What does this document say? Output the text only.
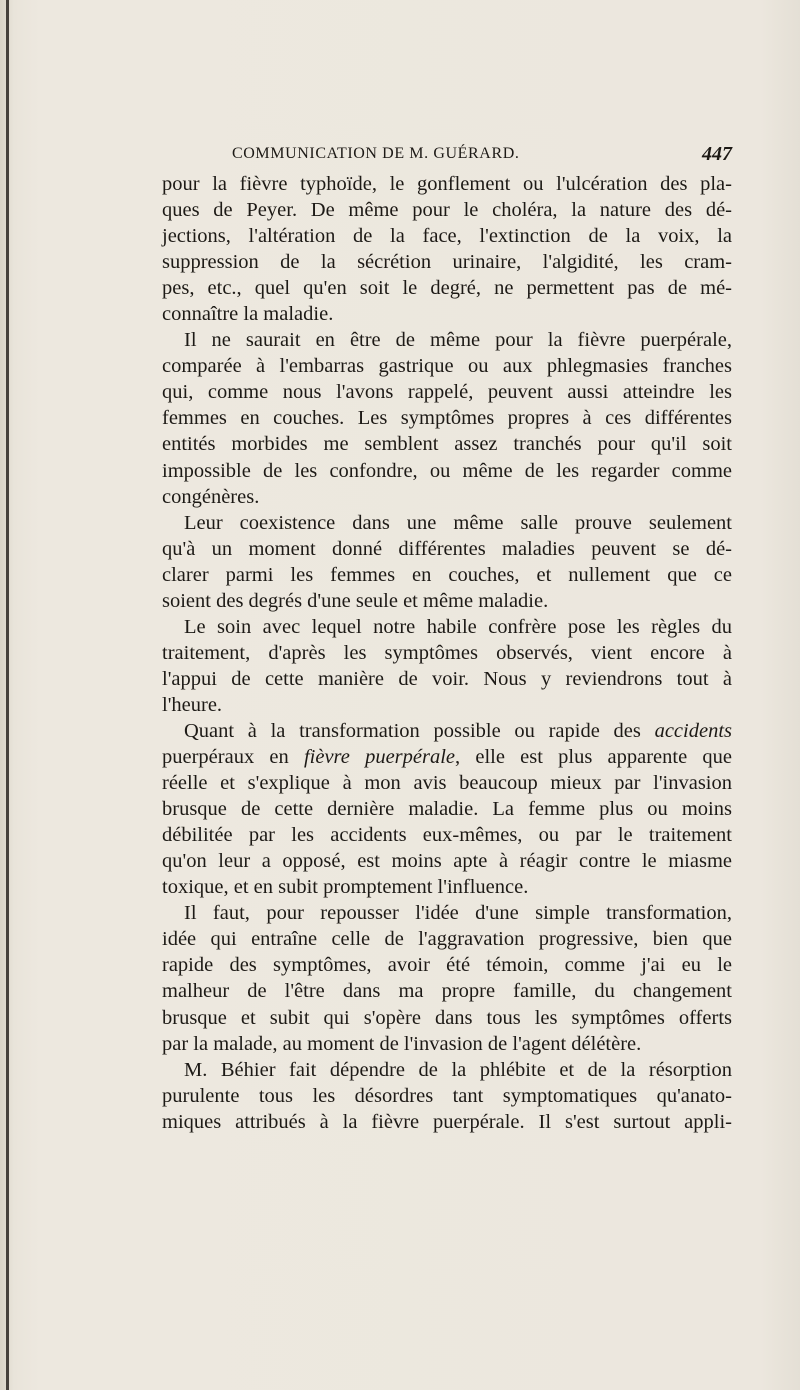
COMMUNICATION DE M. GUÉRARD.	447
pour la fièvre typhoïde, le gonflement ou l'ulcération des pla-
ques de Peyer. De même pour le choléra, la nature des dé-
jections, l'altération de la face, l'extinction de la voix, la
suppression de la sécrétion urinaire, l'algidité, les cram-
pes, etc., quel qu'en soit le degré, ne permettent pas de mé-
connaître la maladie.
Il ne saurait en être de même pour la fièvre puerpérale,
comparée à l'embarras gastrique ou aux phlegmasies franches
qui, comme nous l'avons rappelé, peuvent aussi atteindre les
femmes en couches. Les symptômes propres à ces différentes
entités morbides me semblent assez tranchés pour qu'il soit
impossible de les confondre, ou même de les regarder comme
congénères.
Leur coexistence dans une même salle prouve seulement
qu'à un moment donné différentes maladies peuvent se dé-
clarer parmi les femmes en couches, et nullement que ce
soient des degrés d'une seule et même maladie.
Le soin avec lequel notre habile confrère pose les règles du
traitement, d'après les symptômes observés, vient encore à
l'appui de cette manière de voir. Nous y reviendrons tout à
l'heure.
Quant à la transformation possible ou rapide des accidents
puerpéraux en fièvre puerpérale, elle est plus apparente que
réelle et s'explique à mon avis beaucoup mieux par l'invasion
brusque de cette dernière maladie. La femme plus ou moins
débilitée par les accidents eux-mêmes, ou par le traitement
qu'on leur a opposé, est moins apte à réagir contre le miasme
toxique, et en subit promptement l'influence.
Il faut, pour repousser l'idée d'une simple transformation,
idée qui entraîne celle de l'aggravation progressive, bien que
rapide des symptômes, avoir été témoin, comme j'ai eu le
malheur de l'être dans ma propre famille, du changement
brusque et subit qui s'opère dans tous les symptômes offerts
par la malade, au moment de l'invasion de l'agent délétère.
M. Béhier fait dépendre de la phlébite et de la résorption
purulente tous les désordres tant symptomatiques qu'anato-
miques attribués à la fièvre puerpérale. Il s'est surtout appli-
